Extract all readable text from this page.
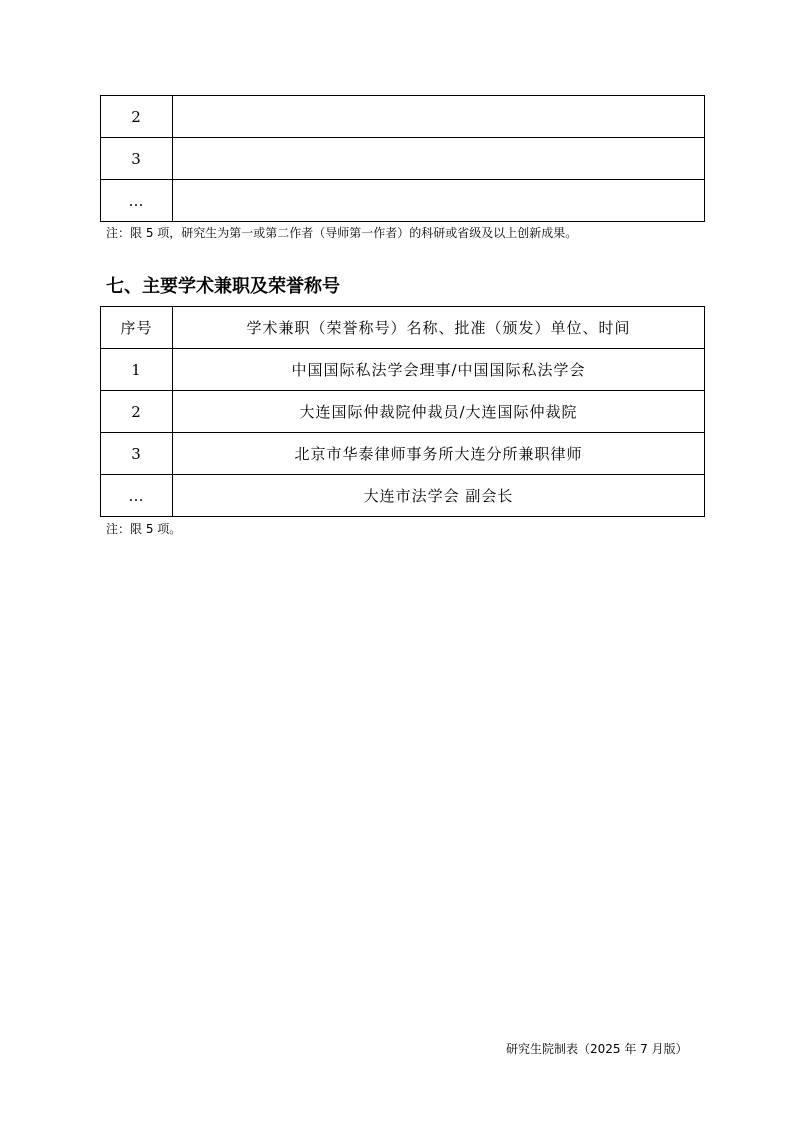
2	
3	
…	
注：限 5 项，研究生为第一或第二作者（导师第一作者）的科研或省级及以上创新成果。
七、主要学术兼职及荣誉称号
序号	学术兼职（荣誉称号）名称、批准（颁发）单位、时间
1	中国国际私法学会理事/中国国际私法学会
2	大连国际仲裁院仲裁员/大连国际仲裁院
3	北京市华泰律师事务所大连分所兼职律师
…	大连市法学会 副会长
注：限 5 项。
研究生院制表（2025 年 7 月版）
